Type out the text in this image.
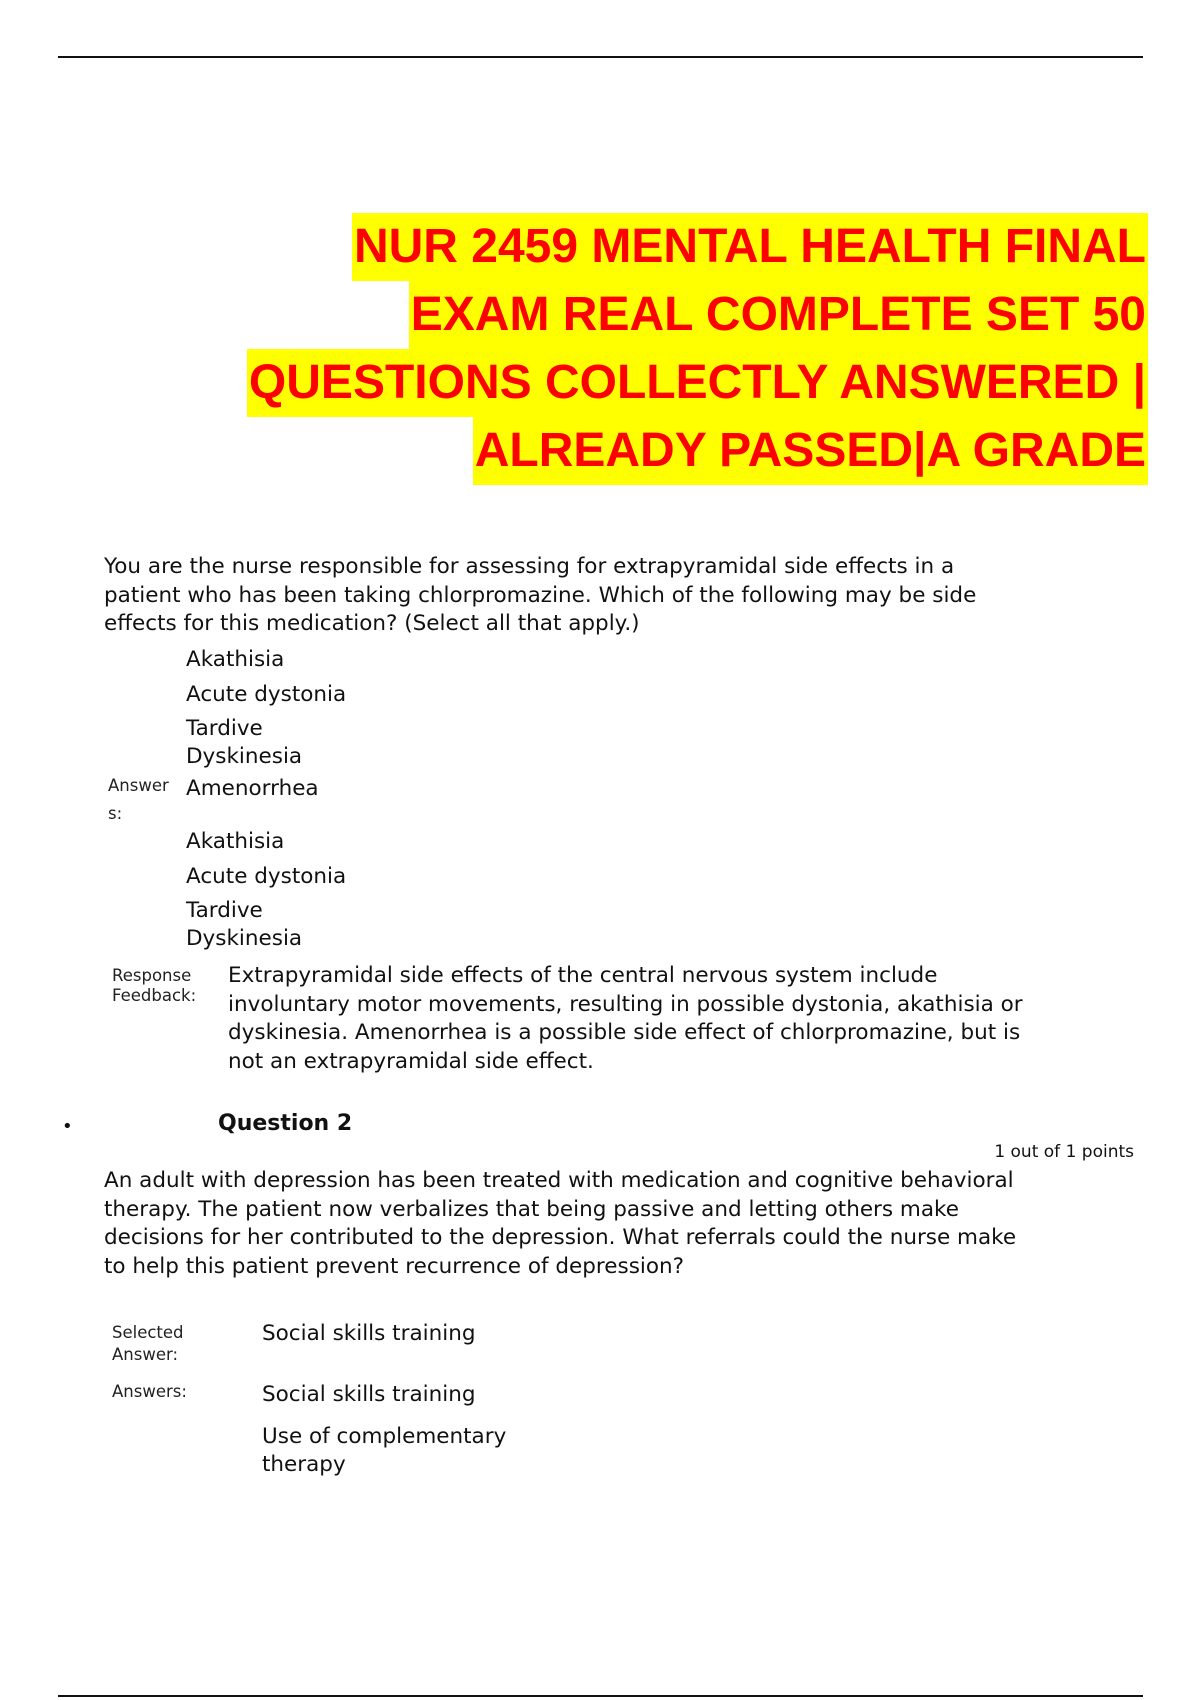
NUR 2459 MENTAL HEALTH FINAL
EXAM REAL COMPLETE SET 50
QUESTIONS COLLECTLY ANSWERED |
ALREADY PASSED|A GRADE

You are the nurse responsible for assessing for extrapyramidal side effects in a patient who has been taking chlorpromazine. Which of the following may be side effects for this medication? (Select all that apply.)

Akathisia
Acute dystonia
Tardive Dyskinesia
Amenorrhea
Answer
s:
Akathisia
Acute dystonia
Tardive Dyskinesia
Response
Feedback:

Extrapyramidal side effects of the central nervous system include involuntary motor movements, resulting in possible dystonia, akathisia or dyskinesia. Amenorrhea is a possible side effect of chlorpromazine, but is not an extrapyramidal side effect.

•	Question 2
1 out of 1 points

An adult with depression has been treated with medication and cognitive behavioral therapy. The patient now verbalizes that being passive and letting others make decisions for her contributed to the depression. What referrals could the nurse make to help this patient prevent recurrence of depression?

Selected
Answer:
Social skills training
Answers:	Social skills training
Use of complementary therapy
